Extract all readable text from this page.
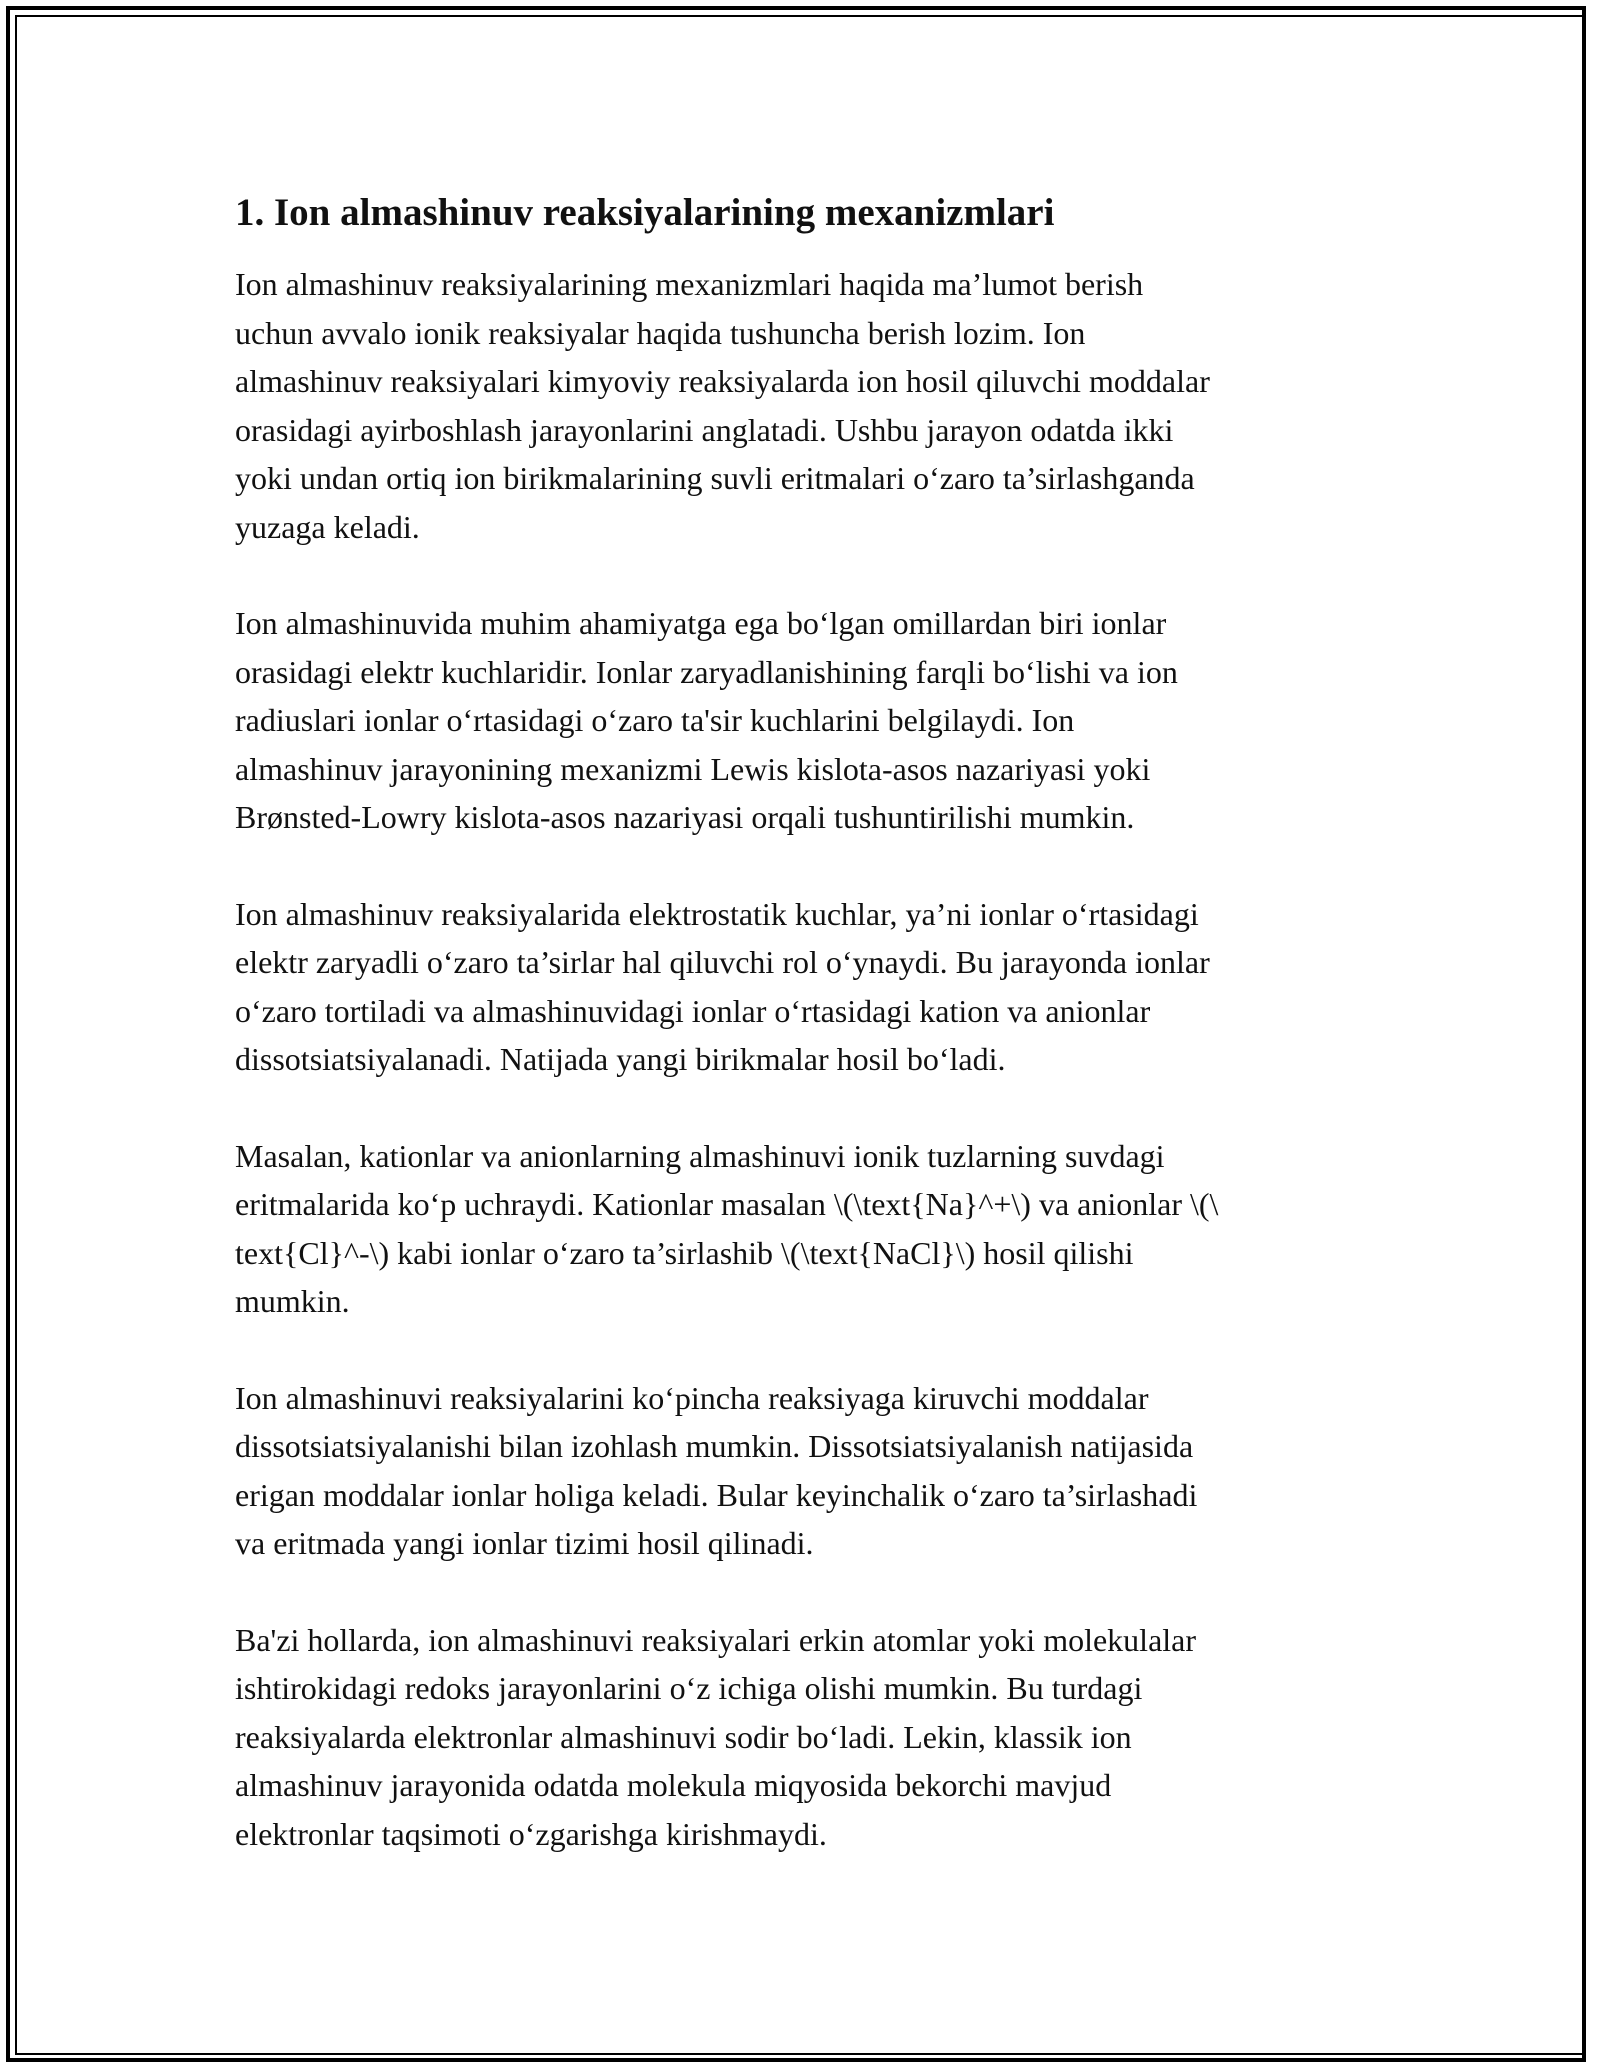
1. Ion almashinuv reaksiyalarining mexanizmlari

Ion almashinuv reaksiyalarining mexanizmlari haqida ma’lumot berish
uchun avvalo ionik reaksiyalar haqida tushuncha berish lozim. Ion
almashinuv reaksiyalari kimyoviy reaksiyalarda ion hosil qiluvchi moddalar
orasidagi ayirboshlash jarayonlarini anglatadi. Ushbu jarayon odatda ikki
yoki undan ortiq ion birikmalarining suvli eritmalari o‘zaro ta’sirlashganda
yuzaga keladi.

Ion almashinuvida muhim ahamiyatga ega bo‘lgan omillardan biri ionlar
orasidagi elektr kuchlaridir. Ionlar zaryadlanishining farqli bo‘lishi va ion
radiuslari ionlar o‘rtasidagi o‘zaro ta'sir kuchlarini belgilaydi. Ion
almashinuv jarayonining mexanizmi Lewis kislota-asos nazariyasi yoki
Brønsted-Lowry kislota-asos nazariyasi orqali tushuntirilishi mumkin.

Ion almashinuv reaksiyalarida elektrostatik kuchlar, ya’ni ionlar o‘rtasidagi
elektr zaryadli o‘zaro ta’sirlar hal qiluvchi rol o‘ynaydi. Bu jarayonda ionlar
o‘zaro tortiladi va almashinuvidagi ionlar o‘rtasidagi kation va anionlar
dissotsiatsiyalanadi. Natijada yangi birikmalar hosil bo‘ladi.

Masalan, kationlar va anionlarning almashinuvi ionik tuzlarning suvdagi
eritmalarida ko‘p uchraydi. Kationlar masalan \(\text{Na}^+\) va anionlar \(\
text{Cl}^-\) kabi ionlar o‘zaro ta’sirlashib \(\text{NaCl}\) hosil qilishi
mumkin.

Ion almashinuvi reaksiyalarini ko‘pincha reaksiyaga kiruvchi moddalar
dissotsiatsiyalanishi bilan izohlash mumkin. Dissotsiatsiyalanish natijasida
erigan moddalar ionlar holiga keladi. Bular keyinchalik o‘zaro ta’sirlashadi
va eritmada yangi ionlar tizimi hosil qilinadi.

Ba'zi hollarda, ion almashinuvi reaksiyalari erkin atomlar yoki molekulalar
ishtirokidagi redoks jarayonlarini o‘z ichiga olishi mumkin. Bu turdagi
reaksiyalarda elektronlar almashinuvi sodir bo‘ladi. Lekin, klassik ion
almashinuv jarayonida odatda molekula miqyosida bekorchi mavjud
elektronlar taqsimoti o‘zgarishga kirishmaydi.
